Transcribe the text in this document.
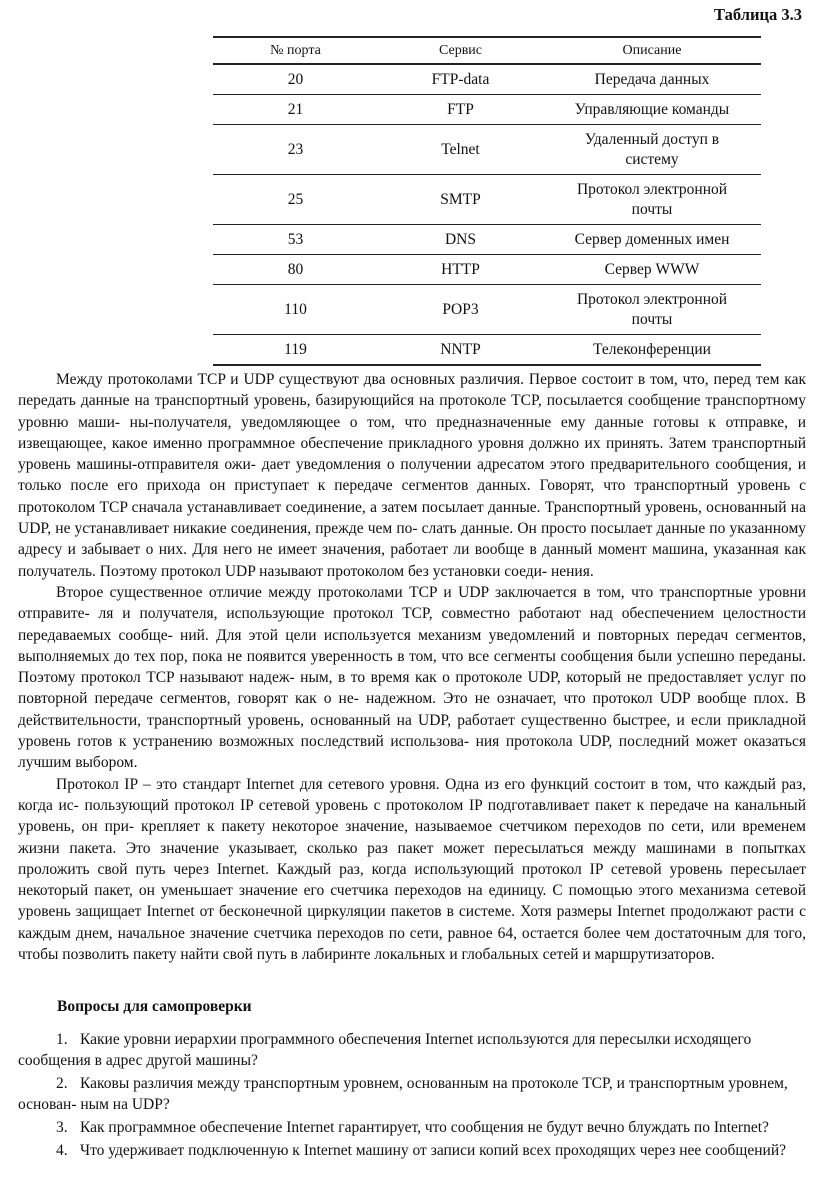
Таблица 3.3
№ порта	Сервис	Описание
20	FTP-data	Передача данных
21	FTP	Управляющие команды
23	Telnet	Удаленный доступ в системy
25	SMTP	Протокол электронной почты
53	DNS	Сервер доменных имен
80	HTTP	Сервер WWW
110	POP3	Протокол электронной почты
119	NNTP	Телеконференции

Между протоколами TCP и UDP существуют два основных различия. Первое состоит в том, что, перед тем как передать данные на транспортный уровень, базирующийся на протоколе TCP, посылается сообщение транспортному уровню маши- ны-получателя, уведомляющее о том, что предназначенные ему данные готовы к отправке, и извещающее, какое именно программное обеспечение прикладного уровня должно их принять. Затем транспортный уровень машины-отправителя ожи- дает уведомления о получении адресатом этого предварительного сообщения, и только после его прихода он приступает к передаче сегментов данных. Говорят, что транспортный уровень с протоколом TCP сначала устанавливает соединение, а затем посылает данные. Транспортный уровень, основанный на UDP, не устанавливает никакие соединения, прежде чем по- слать данные. Он просто посылает данные по указанному адресу и забывает о них. Для него не имеет значения, работает ли вообще в данный момент машина, указанная как получатель. Поэтому протокол UDP называют протоколом без установки соеди- нения.

Второе существенное отличие между протоколами TCP и UDP заключается в том, что транспортные уровни отправите- ля и получателя, использующие протокол TCP, совместно работают над обеспечением целостности передаваемых сообще- ний. Для этой цели используется механизм уведомлений и повторных передач сегментов, выполняемых до тех пор, пока не появится уверенность в том, что все сегменты сообщения были успешно переданы. Поэтому протокол TCP называют надеж- ным, в то время как о протоколе UDP, который не предоставляет услуг по повторной передаче сегментов, говорят как о не- надежном. Это не означает, что протокол UDP вообще плох. В действительности, транспортный уровень, основанный на UDP, работает существенно быстрее, и если прикладной уровень готов к устранению возможных последствий использова- ния протокола UDP, последний может оказаться лучшим выбором.

Протокол IP – это стандарт Internet для сетевого уровня. Одна из его функций состоит в том, что каждый раз, когда ис- пользующий протокол IP сетевой уровень с протоколом IP подготавливает пакет к передаче на канальный уровень, он при- крепляет к пакету некоторое значение, называемое счетчиком переходов по сети, или временем жизни пакета. Это значение указывает, сколько раз пакет может пересылаться между машинами в попытках проложить свой путь через Internet. Каждый раз, когда использующий протокол IP сетевой уровень пересылает некоторый пакет, он уменьшает значение его счетчика переходов на единицу. С помощью этого механизма сетевой уровень защищает Internet от бесконечной циркуляции пакетов в системе. Хотя размеры Internet продолжают расти с каждым днем, начальное значение счетчика переходов по сети, равное 64, остается более чем достаточным для того, чтобы позволить пакету найти свой путь в лабиринте локальных и глобальных сетей и маршрутизаторов.

Вопросы для самопроверки
1. Какие уровни иерархии программного обеспечения Internet используются для пересылки исходящего сообщения в адрес другой машины?
2. Каковы различия между транспортным уровнем, основанным на протоколе TCP, и транспортным уровнем, основан- ным на UDP?
3. Как программное обеспечение Internet гарантирует, что сообщения не будут вечно блуждать по Internet?
4. Что удерживает подключенную к Internet машину от записи копий всех проходящих через нее сообщений?
